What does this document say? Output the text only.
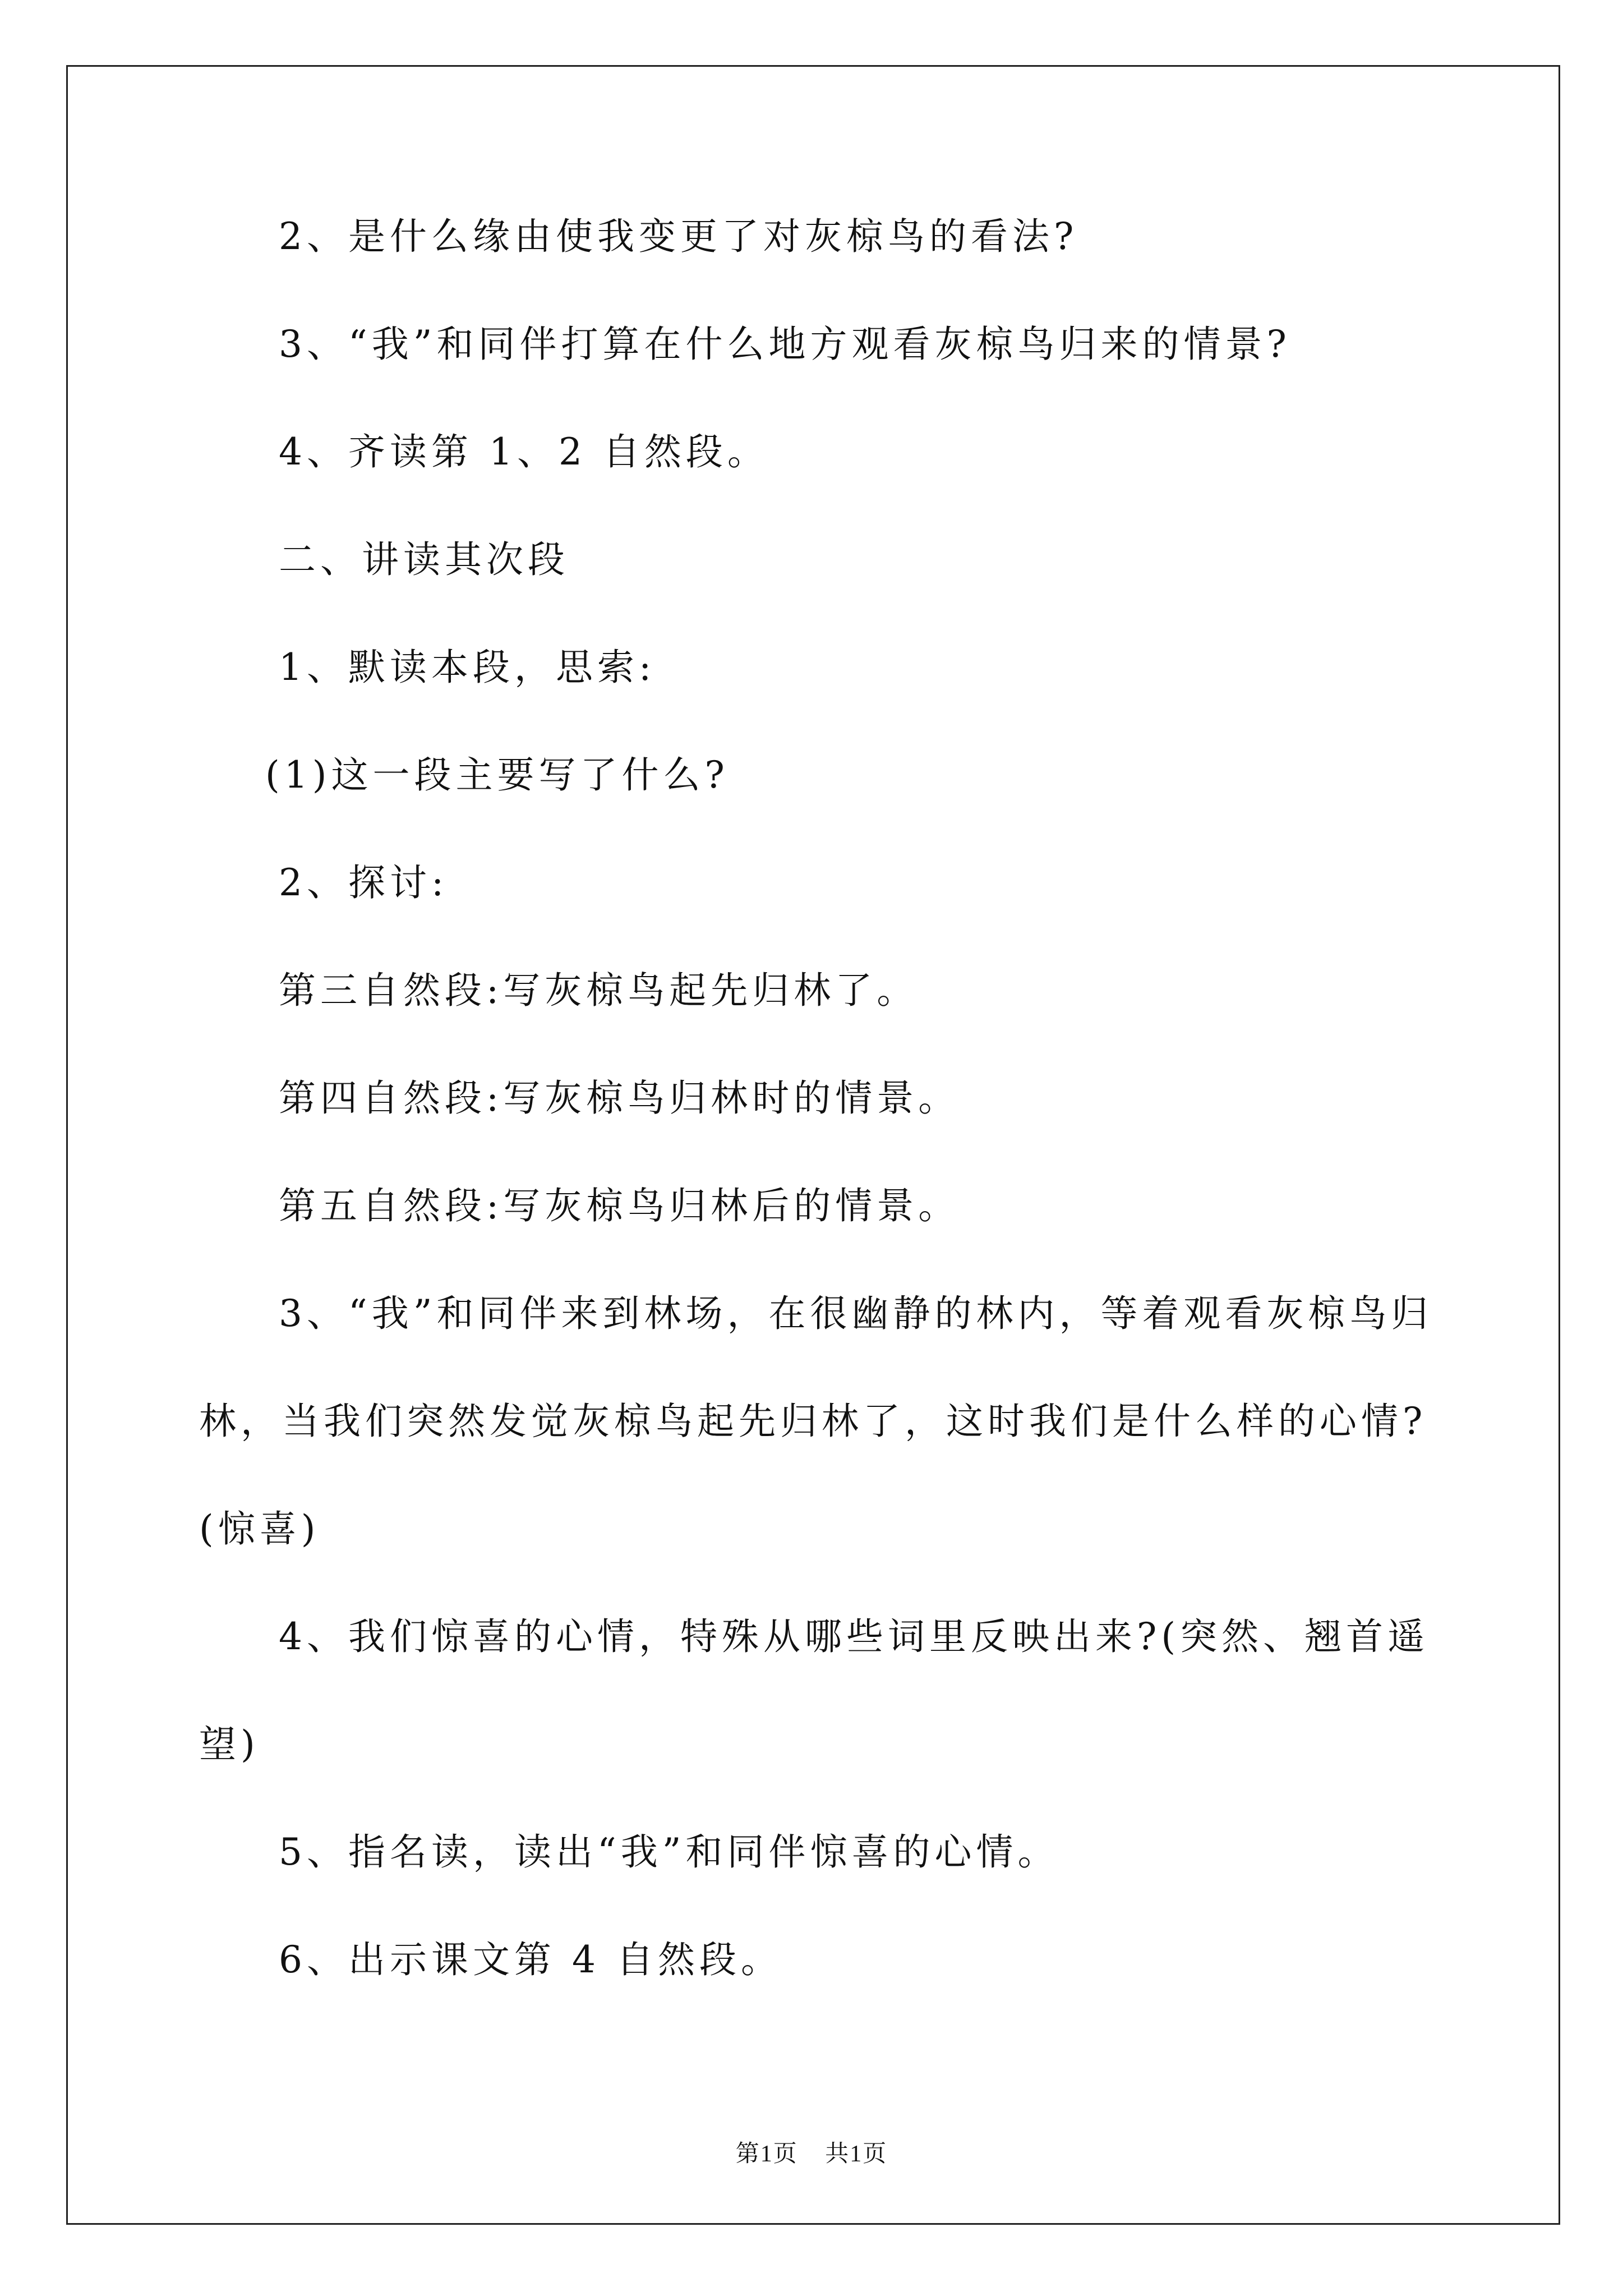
2、是什么缘由使我变更了对灰椋鸟的看法?
3、“我”和同伴打算在什么地方观看灰椋鸟归来的情景?
4、齐读第 1、2 自然段。
二、讲读其次段
1、默读本段，思索:
(1)这一段主要写了什么?
2、探讨:
第三自然段:写灰椋鸟起先归林了。
第四自然段:写灰椋鸟归林时的情景。
第五自然段:写灰椋鸟归林后的情景。
3、“我”和同伴来到林场，在很幽静的林内，等着观看灰椋鸟归
林，当我们突然发觉灰椋鸟起先归林了，这时我们是什么样的心情?
(惊喜)
4、我们惊喜的心情，特殊从哪些词里反映出来?(突然、翘首遥
望)
5、指名读，读出“我”和同伴惊喜的心情。
6、出示课文第 4 自然段。
第1页 共1页
